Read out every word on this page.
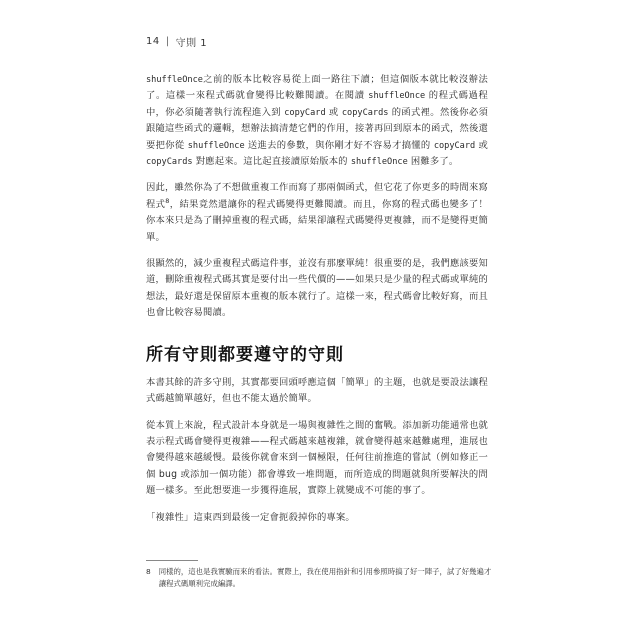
14 | 守則 1

shuffleOnce之前的版本比較容易從上面一路往下讀；但這個版本就比較沒辦法了。這樣一來程式碼就會變得比較難閱讀。在閱讀 shuffleOnce 的程式碼過程中，你必須隨著執行流程進入到 copyCard 或 copyCards 的函式裡。然後你必須跟隨這些函式的邏輯，想辦法搞清楚它們的作用，接著再回到原本的函式，然後還要把你從 shuffleOnce 送進去的參數，與你剛才好不容易才搞懂的 copyCard 或 copyCards 對應起來。這比起直接讀原始版本的 shuffleOnce 困難多了。

因此，雖然你為了不想做重複工作而寫了那兩個函式，但它花了你更多的時間來寫程式$^8$，結果竟然還讓你的程式碼變得更難閱讀。而且，你寫的程式碼也變多了！你本來只是為了刪掉重複的程式碼，結果卻讓程式碼變得更複雜，而不是變得更簡單。

很顯然的，減少重複程式碼這件事，並沒有那麼單純！很重要的是，我們應該要知道，刪除重複程式碼其實是要付出一些代價的——如果只是少量的程式碼或單純的想法，最好還是保留原本重複的版本就行了。這樣一來，程式碼會比較好寫，而且也會比較容易閱讀。

所有守則都要遵守的守則

本書其餘的許多守則，其實都要回頭呼應這個「簡單」的主題，也就是要設法讓程式碼越簡單越好，但也不能太過於簡單。

從本質上來說，程式設計本身就是一場與複雜性之間的奮戰。添加新功能通常也就表示程式碼會變得更複雜——程式碼越來越複雜，就會變得越來越難處理，進展也會變得越來越緩慢。最後你就會來到一個極限，任何往前推進的嘗試（例如修正一個 bug 或添加一個功能）都會導致一堆問題，而所造成的問題就與所要解決的問題一樣多。至此想要進一步獲得進展，實際上就變成不可能的事了。

「複雜性」這東西到最後一定會扼殺掉你的專案。

8 同樣的，這也是我實驗而來的看法。實際上，我在使用指針和引用參照時搞了好一陣子，試了好幾遍才讓程式碼順利完成編譯。
